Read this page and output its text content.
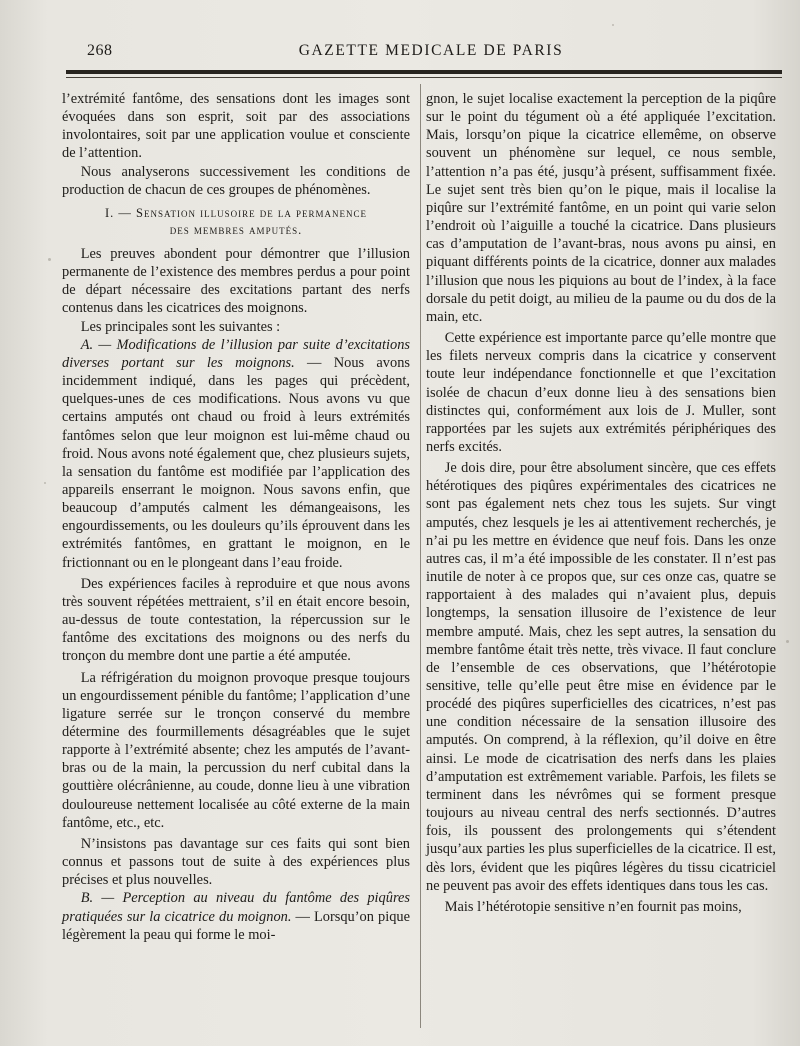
268	GAZETTE MEDICALE DE PARIS

l’extrémité fantôme, des sensations dont les images sont évoquées dans son esprit, soit par des associations involontaires, soit par une application voulue et consciente de l’attention.

Nous analyserons successivement les conditions de production de chacun de ces groupes de phénomènes.

I. — Sensation illusoire de la permanence
des membres amputés.

Les preuves abondent pour démontrer que l’illusion permanente de l’existence des membres perdus a pour point de départ nécessaire des excitations partant des nerfs contenus dans les cicatrices des moignons.

Les principales sont les suivantes :

A. — Modifications de l’illusion par suite d’excitations diverses portant sur les moignons. — Nous avons incidemment indiqué, dans les pages qui précèdent, quelques-unes de ces modifications. Nous avons vu que certains amputés ont chaud ou froid à leurs extrémités fantômes selon que leur moignon est lui-même chaud ou froid. Nous avons noté également que, chez plusieurs sujets, la sensation du fantôme est modifiée par l’application des appareils enserrant le moignon. Nous savons enfin, que beaucoup d’amputés calment les démangeaisons, les engourdissements, ou les douleurs qu’ils éprouvent dans les extrémités fantômes, en grattant le moignon, en le frictionnant ou en le plongeant dans l’eau froide.

Des expériences faciles à reproduire et que nous avons très souvent répétées mettraient, s’il en était encore besoin, au-dessus de toute contestation, la répercussion sur le fantôme des excitations des moignons ou des nerfs du tronçon du membre dont une partie a été amputée.

La réfrigération du moignon provoque presque toujours un engourdissement pénible du fantôme; l’application d’une ligature serrée sur le tronçon conservé du membre détermine des fourmillements désagréables que le sujet rapporte à l’extrémité absente; chez les amputés de l’avant-bras ou de la main, la percussion du nerf cubital dans la gouttière olécrânienne, au coude, donne lieu à une vibration douloureuse nettement localisée au côté externe de la main fantôme, etc., etc.

N’insistons pas davantage sur ces faits qui sont bien connus et passons tout de suite à des expériences plus précises et plus nouvelles.

B. — Perception au niveau du fantôme des piqûres pratiquées sur la cicatrice du moignon. — Lorsqu’on pique légèrement la peau qui forme le moi-

gnon, le sujet localise exactement la perception de la piqûre sur le point du tégument où a été appliquée l’excitation. Mais, lorsqu’on pique la cicatrice ellemême, on observe souvent un phénomène sur lequel, ce nous semble, l’attention n’a pas été, jusqu’à présent, suffisamment fixée. Le sujet sent très bien qu’on le pique, mais il localise la piqûre sur l’extrémité fantôme, en un point qui varie selon l’endroit où l’aiguille a touché la cicatrice. Dans plusieurs cas d’amputation de l’avant-bras, nous avons pu ainsi, en piquant différents points de la cicatrice, donner aux malades l’illusion que nous les piquions au bout de l’index, à la face dorsale du petit doigt, au milieu de la paume ou du dos de la main, etc.

Cette expérience est importante parce qu’elle montre que les filets nerveux compris dans la cicatrice y conservent toute leur indépendance fonctionnelle et que l’excitation isolée de chacun d’eux donne lieu à des sensations bien distinctes qui, conformément aux lois de J. Muller, sont rapportées par les sujets aux extrémités périphériques des nerfs excités.

Je dois dire, pour être absolument sincère, que ces effets hétérotiques des piqûres expérimentales des cicatrices ne sont pas également nets chez tous les sujets. Sur vingt amputés, chez lesquels je les ai attentivement recherchés, je n’ai pu les mettre en évidence que neuf fois. Dans les onze autres cas, il m’a été impossible de les constater. Il n’est pas inutile de noter à ce propos que, sur ces onze cas, quatre se rapportaient à des malades qui n’avaient plus, depuis longtemps, la sensation illusoire de l’existence de leur membre amputé. Mais, chez les sept autres, la sensation du membre fantôme était très nette, très vivace. Il faut conclure de l’ensemble de ces observations, que l’hétérotopie sensitive, telle qu’elle peut être mise en évidence par le procédé des piqûres superficielles des cicatrices, n’est pas une condition nécessaire de la sensation illusoire des amputés. On comprend, à la réflexion, qu’il doive en être ainsi. Le mode de cicatrisation des nerfs dans les plaies d’amputation est extrêmement variable. Parfois, les filets se terminent dans les névrômes qui se forment presque toujours au niveau central des nerfs sectionnés. D’autres fois, ils poussent des prolongements qui s’étendent jusqu’aux parties les plus superficielles de la cicatrice. Il est, dès lors, évident que les piqûres légères du tissu cicatriciel ne peuvent pas avoir des effets identiques dans tous les cas.

Mais l’hétérotopie sensitive n’en fournit pas moins,
